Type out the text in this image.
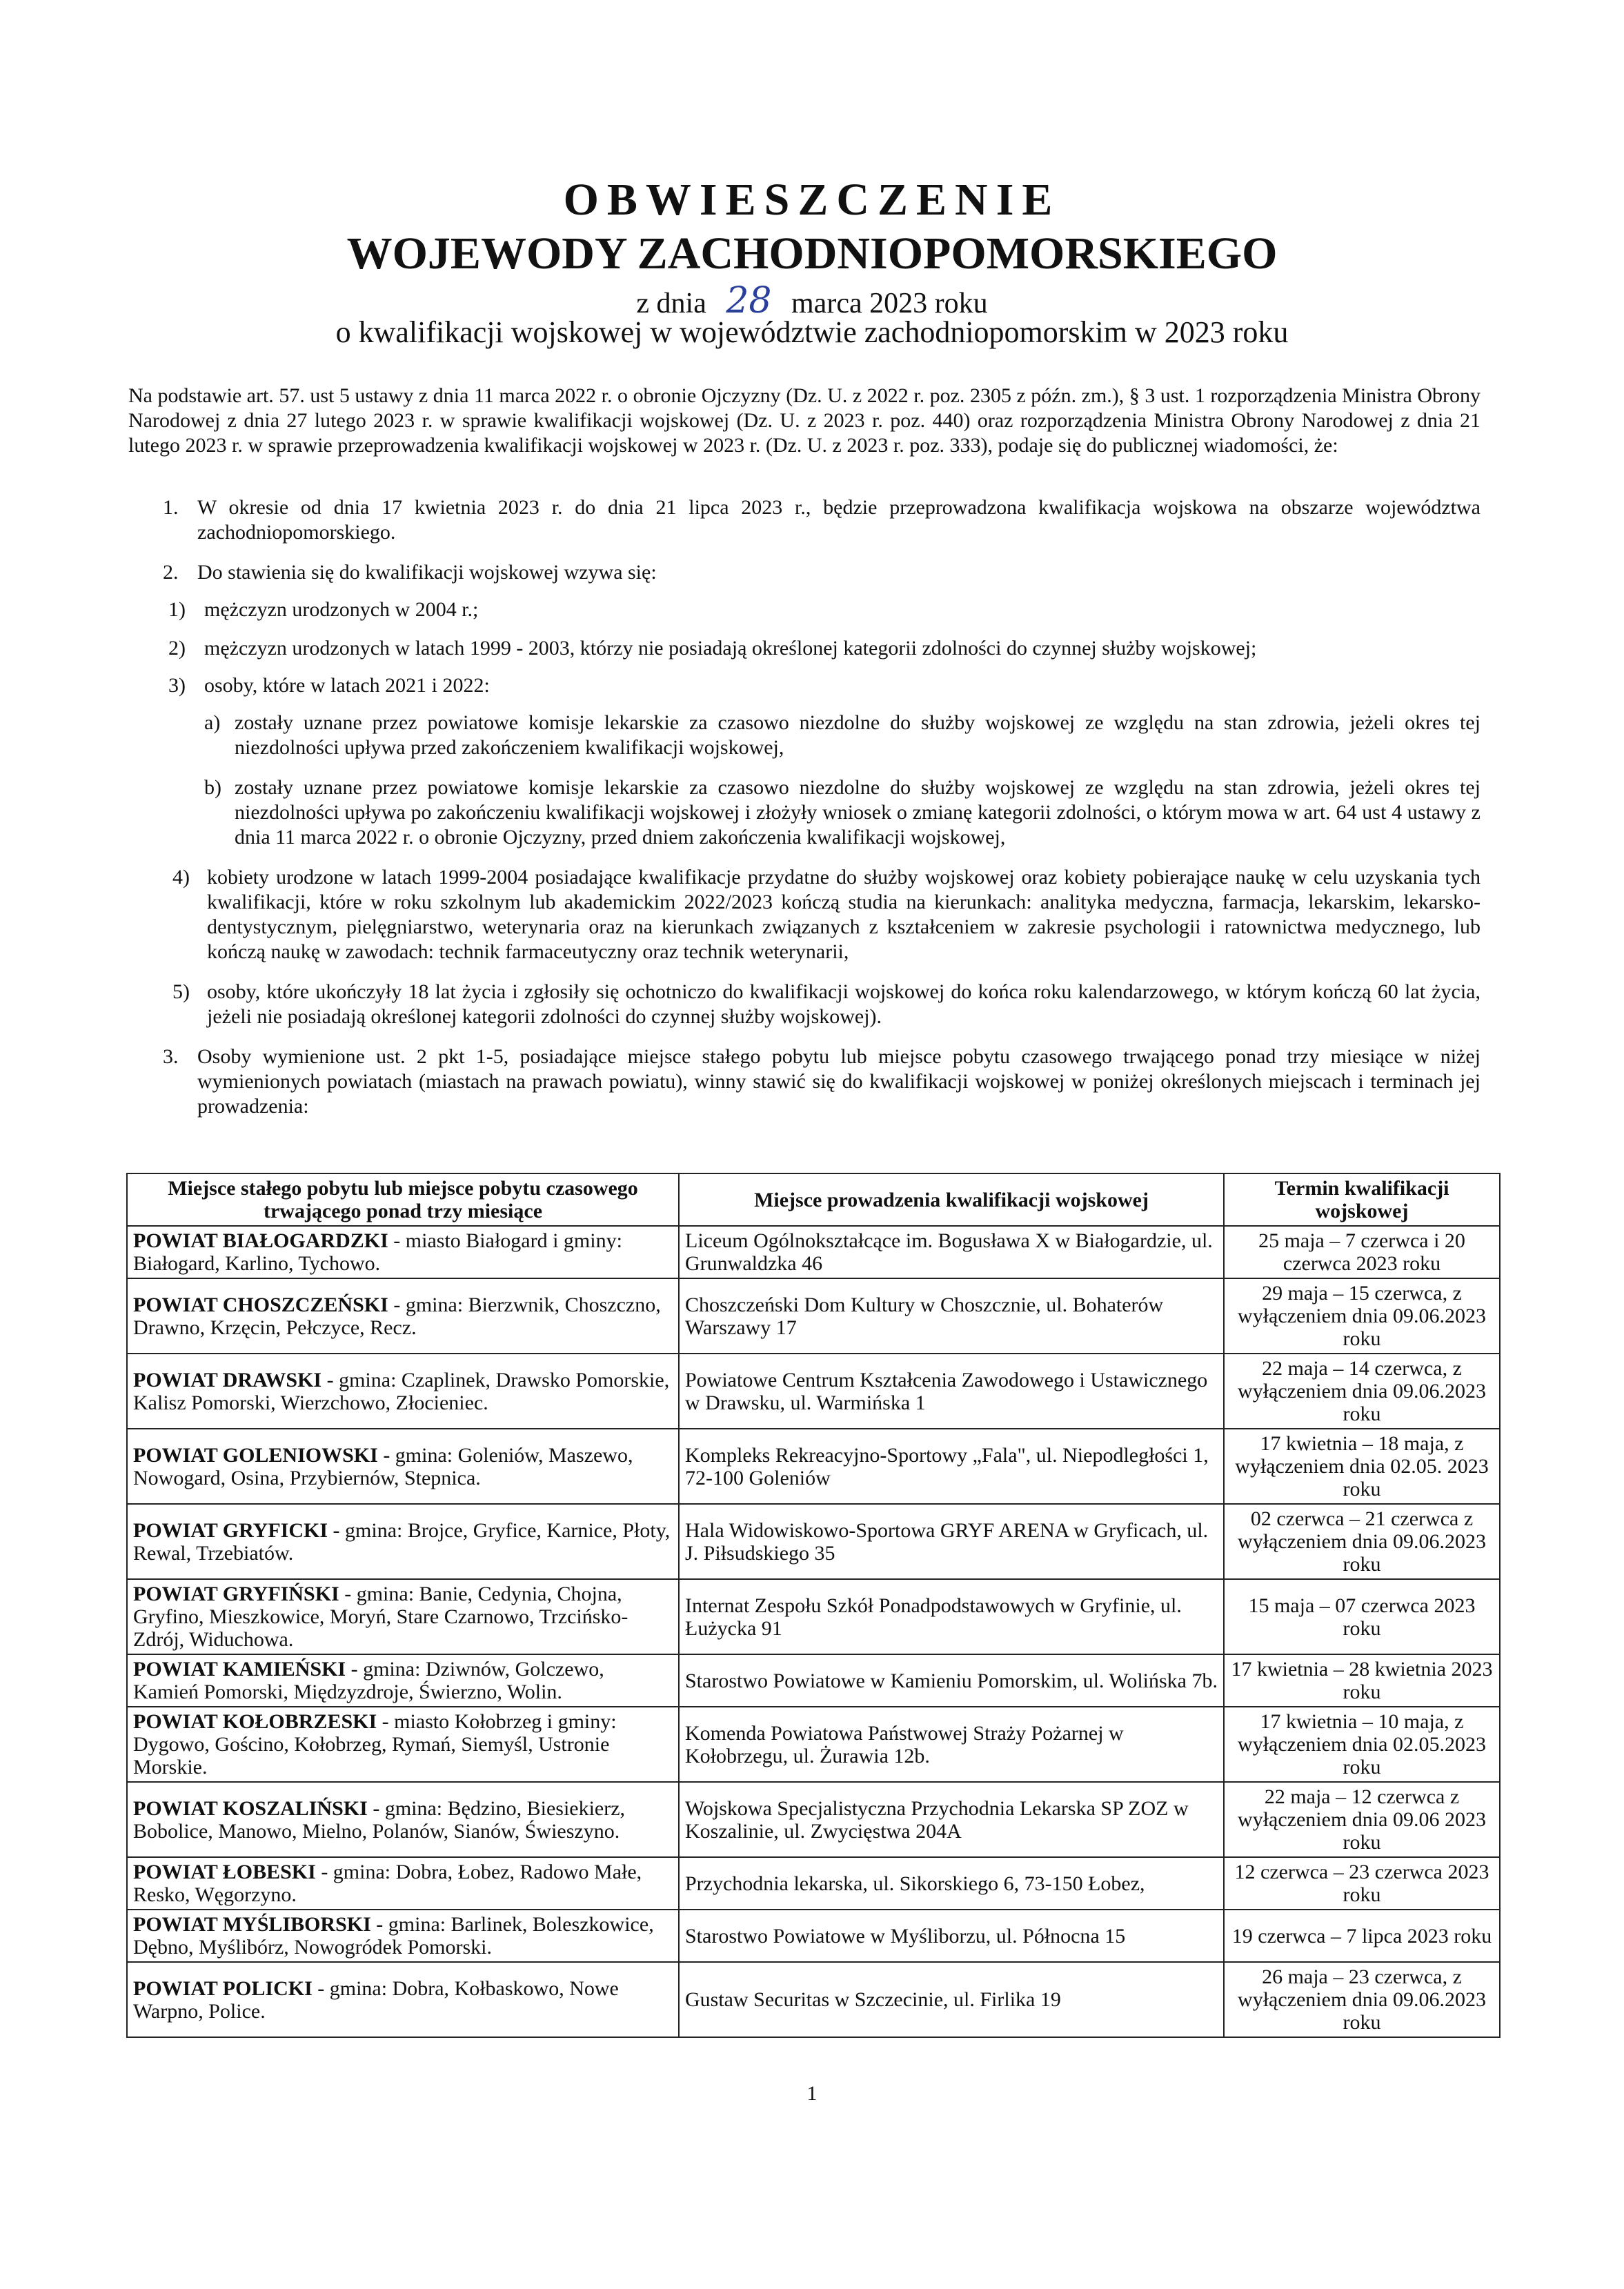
OBWIESZCZENIE
WOJEWODY ZACHODNIOPOMORSKIEGO
z dnia 28 marca 2023 roku
o kwalifikacji wojskowej w województwie zachodniopomorskim w 2023 roku
Na podstawie art. 57. ust 5 ustawy z dnia 11 marca 2022 r. o obronie Ojczyzny (Dz. U. z 2022 r. poz. 2305 z późn. zm.), § 3 ust. 1 rozporządzenia Ministra Obrony Narodowej z dnia 27 lutego 2023 r. w sprawie kwalifikacji wojskowej (Dz. U. z 2023 r. poz. 440) oraz rozporządzenia Ministra Obrony Narodowej z dnia 21 lutego 2023 r. w sprawie przeprowadzenia kwalifikacji wojskowej w 2023 r. (Dz. U. z 2023 r. poz. 333), podaje się do publicznej wiadomości, że:
1. W okresie od dnia 17 kwietnia 2023 r. do dnia 21 lipca 2023 r., będzie przeprowadzona kwalifikacja wojskowa na obszarze województwa zachodniopomorskiego.
2. Do stawienia się do kwalifikacji wojskowej wzywa się:
1) mężczyzn urodzonych w 2004 r.;
2) mężczyzn urodzonych w latach 1999 - 2003, którzy nie posiadają określonej kategorii zdolności do czynnej służby wojskowej;
3) osoby, które w latach 2021 i 2022:
a) zostały uznane przez powiatowe komisje lekarskie za czasowo niezdolne do służby wojskowej ze względu na stan zdrowia, jeżeli okres tej niezdolności upływa przed zakończeniem kwalifikacji wojskowej,
b) zostały uznane przez powiatowe komisje lekarskie za czasowo niezdolne do służby wojskowej ze względu na stan zdrowia, jeżeli okres tej niezdolności upływa po zakończeniu kwalifikacji wojskowej i złożyły wniosek o zmianę kategorii zdolności, o którym mowa w art. 64 ust 4 ustawy z dnia 11 marca 2022 r. o obronie Ojczyzny, przed dniem zakończenia kwalifikacji wojskowej,
4) kobiety urodzone w latach 1999-2004 posiadające kwalifikacje przydatne do służby wojskowej oraz kobiety pobierające naukę w celu uzyskania tych kwalifikacji, które w roku szkolnym lub akademickim 2022/2023 kończą studia na kierunkach: analityka medyczna, farmacja, lekarskim, lekarsko-dentystycznym, pielęgniarstwo, weterynaria oraz na kierunkach związanych z kształceniem w zakresie psychologii i ratownictwa medycznego, lub kończą naukę w zawodach: technik farmaceutyczny oraz technik weterynarii,
5) osoby, które ukończyły 18 lat życia i zgłosiły się ochotniczo do kwalifikacji wojskowej do końca roku kalendarzowego, w którym kończą 60 lat życia, jeżeli nie posiadają określonej kategorii zdolności do czynnej służby wojskowej).
3. Osoby wymienione ust. 2 pkt 1-5, posiadające miejsce stałego pobytu lub miejsce pobytu czasowego trwającego ponad trzy miesiące w niżej wymienionych powiatach (miastach na prawach powiatu), winny stawić się do kwalifikacji wojskowej w poniżej określonych miejscach i terminach jej prowadzenia:
Miejsce stałego pobytu lub miejsce pobytu czasowego trwającego ponad trzy miesiące	Miejsce prowadzenia kwalifikacji wojskowej	Termin kwalifikacji wojskowej
POWIAT BIAŁOGARDZKI - miasto Białogard i gminy: Białogard, Karlino, Tychowo.	Liceum Ogólnokształcące im. Bogusława X w Białogardzie, ul. Grunwaldzka 46	25 maja – 7 czerwca i 20 czerwca 2023 roku
POWIAT CHOSZCZEŃSKI - gmina: Bierzwnik, Choszczno, Drawno, Krzęcin, Pełczyce, Recz.	Choszczeński Dom Kultury w Choszcznie, ul. Bohaterów Warszawy 17	29 maja – 15 czerwca, z wyłączeniem dnia 09.06.2023 roku
POWIAT DRAWSKI - gmina: Czaplinek, Drawsko Pomorskie, Kalisz Pomorski, Wierzchowo, Złocieniec.	Powiatowe Centrum Kształcenia Zawodowego i Ustawicznego w Drawsku, ul. Warmińska 1	22 maja – 14 czerwca, z wyłączeniem dnia 09.06.2023 roku
POWIAT GOLENIOWSKI - gmina: Goleniów, Maszewo, Nowogard, Osina, Przybiernów, Stepnica.	Kompleks Rekreacyjno-Sportowy „Fala", ul. Niepodległości 1, 72-100 Goleniów	17 kwietnia – 18 maja, z wyłączeniem dnia 02.05. 2023 roku
POWIAT GRYFICKI - gmina: Brojce, Gryfice, Karnice, Płoty, Rewal, Trzebiatów.	Hala Widowiskowo-Sportowa GRYF ARENA w Gryficach, ul. J. Piłsudskiego 35	02 czerwca – 21 czerwca z wyłączeniem dnia 09.06.2023 roku
POWIAT GRYFIŃSKI - gmina: Banie, Cedynia, Chojna, Gryfino, Mieszkowice, Moryń, Stare Czarnowo, Trzcińsko-Zdrój, Widuchowa.	Internat Zespołu Szkół Ponadpodstawowych w Gryfinie, ul. Łużycka 91	15 maja – 07 czerwca 2023 roku
POWIAT KAMIEŃSKI - gmina: Dziwnów, Golczewo, Kamień Pomorski, Międzyzdroje, Świerzno, Wolin.	Starostwo Powiatowe w Kamieniu Pomorskim, ul. Wolińska 7b.	17 kwietnia – 28 kwietnia 2023 roku
POWIAT KOŁOBRZESKI - miasto Kołobrzeg i gminy: Dygowo, Gościno, Kołobrzeg, Rymań, Siemyśl, Ustronie Morskie.	Komenda Powiatowa Państwowej Straży Pożarnej w Kołobrzegu, ul. Żurawia 12b.	17 kwietnia – 10 maja, z wyłączeniem dnia 02.05.2023 roku
POWIAT KOSZALIŃSKI - gmina: Będzino, Biesiekierz, Bobolice, Manowo, Mielno, Polanów, Sianów, Świeszyno.	Wojskowa Specjalistyczna Przychodnia Lekarska SP ZOZ w Koszalinie, ul. Zwycięstwa 204A	22 maja – 12 czerwca z wyłączeniem dnia 09.06 2023 roku
POWIAT ŁOBESKI - gmina: Dobra, Łobez, Radowo Małe, Resko, Węgorzyno.	Przychodnia lekarska, ul. Sikorskiego 6, 73-150 Łobez,	12 czerwca – 23 czerwca 2023 roku
POWIAT MYŚLIBORSKI - gmina: Barlinek, Boleszkowice, Dębno, Myślibórz, Nowogródek Pomorski.	Starostwo Powiatowe w Myśliborzu, ul. Północna 15	19 czerwca – 7 lipca 2023 roku
POWIAT POLICKI - gmina: Dobra, Kołbaskowo, Nowe Warpno, Police.	Gustaw Securitas w Szczecinie, ul. Firlika 19	26 maja – 23 czerwca, z wyłączeniem dnia 09.06.2023 roku
1
